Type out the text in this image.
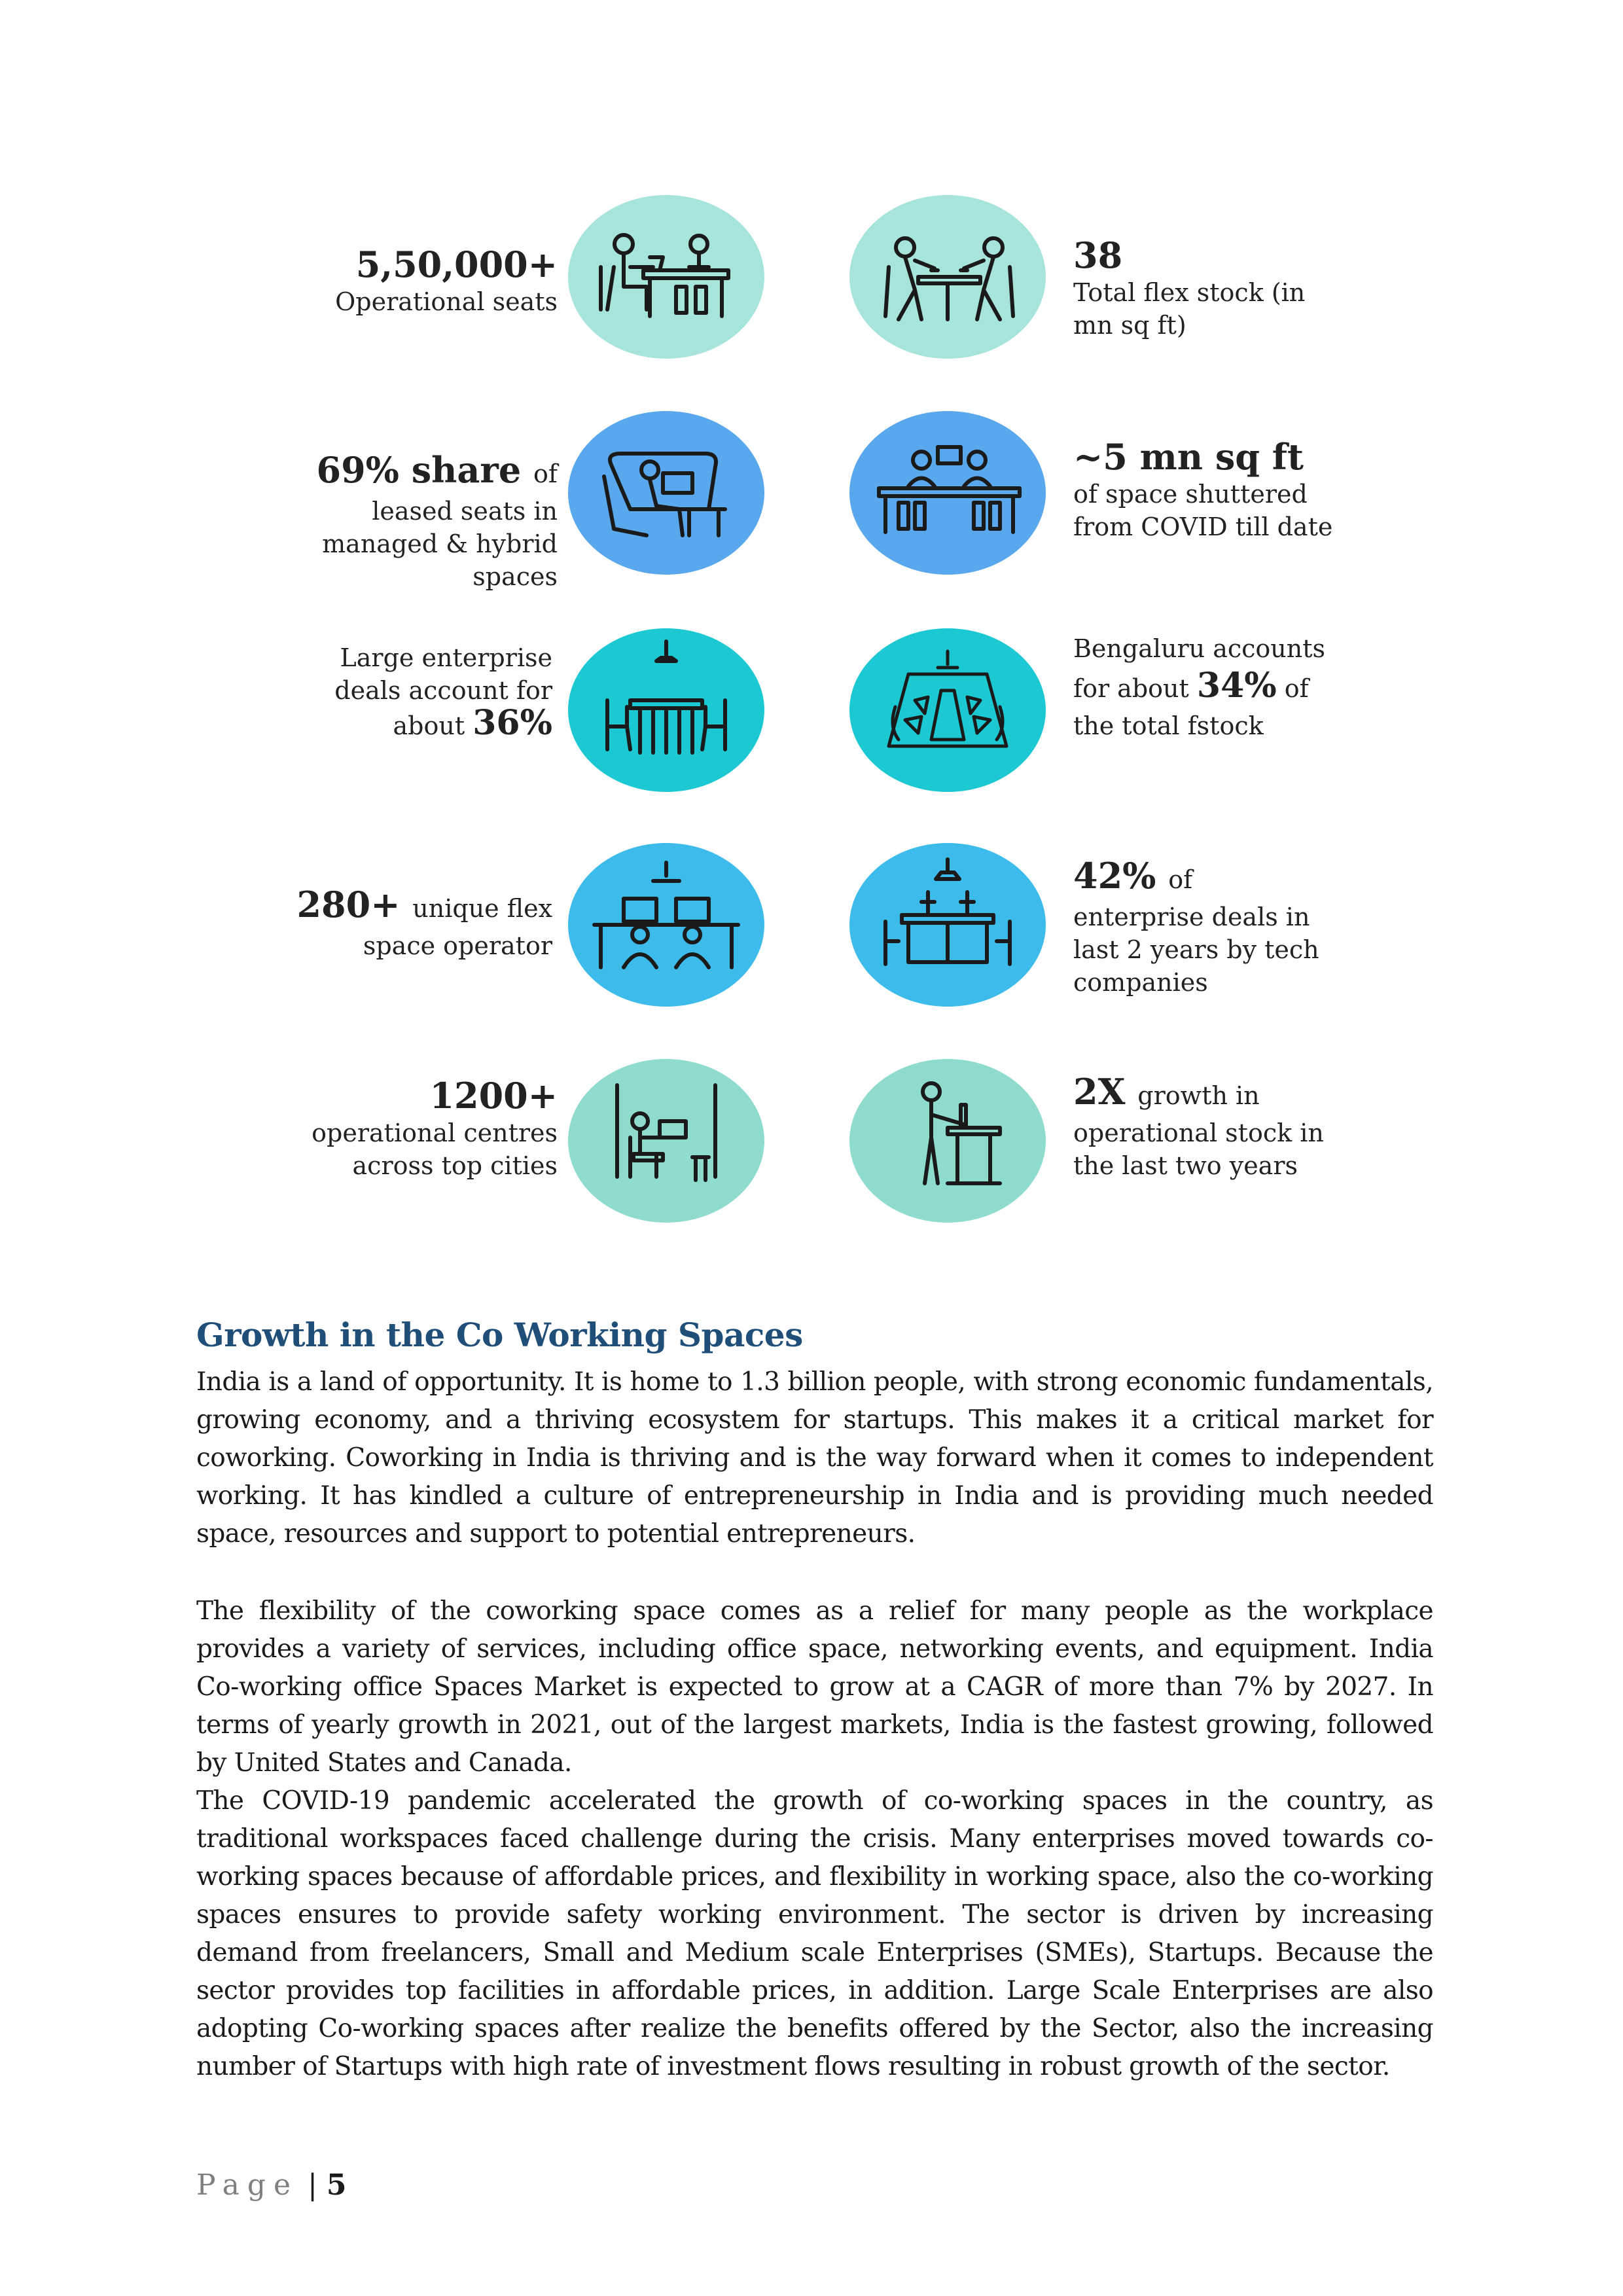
5,50,000+
Operational seats
38
Total flex stock (in
mn sq ft)
69% share of
leased seats in
managed & hybrid
spaces
~5 mn sq ft
of space shuttered
from COVID till date
Large enterprise
deals account for
about 36%
Bengaluru accounts
for about 34% of
the total fstock
280+ unique flex
space operator
42% of
enterprise deals in
last 2 years by tech
companies
1200+
operational centres
across top cities
2X growth in
operational stock in
the last two years
Growth in the Co Working Spaces

India is a land of opportunity. It is home to 1.3 billion people, with strong economic fundamentals, growing economy, and a thriving ecosystem for startups. This makes it a critical market for coworking. Coworking in India is thriving and is the way forward when it comes to independent working. It has kindled a culture of entrepreneurship in India and is providing much needed space, resources and support to potential entrepreneurs.

The flexibility of the coworking space comes as a relief for many people as the workplace provides a variety of services, including office space, networking events, and equipment. India Co-working office Spaces Market is expected to grow at a CAGR of more than 7% by 2027. In terms of yearly growth in 2021, out of the largest markets, India is the fastest growing, followed by United States and Canada.

The COVID-19 pandemic accelerated the growth of co-working spaces in the country, as traditional workspaces faced challenge during the crisis. Many enterprises moved towards co-working spaces because of affordable prices, and flexibility in working space, also the co-working spaces ensures to provide safety working environment. The sector is driven by increasing demand from freelancers, Small and Medium scale Enterprises (SMEs), Startups. Because the sector provides top facilities in affordable prices, in addition. Large Scale Enterprises are also adopting Co-working spaces after realize the benefits offered by the Sector, also the increasing number of Startups with high rate of investment flows resulting in robust growth of the sector.

Page | 5
